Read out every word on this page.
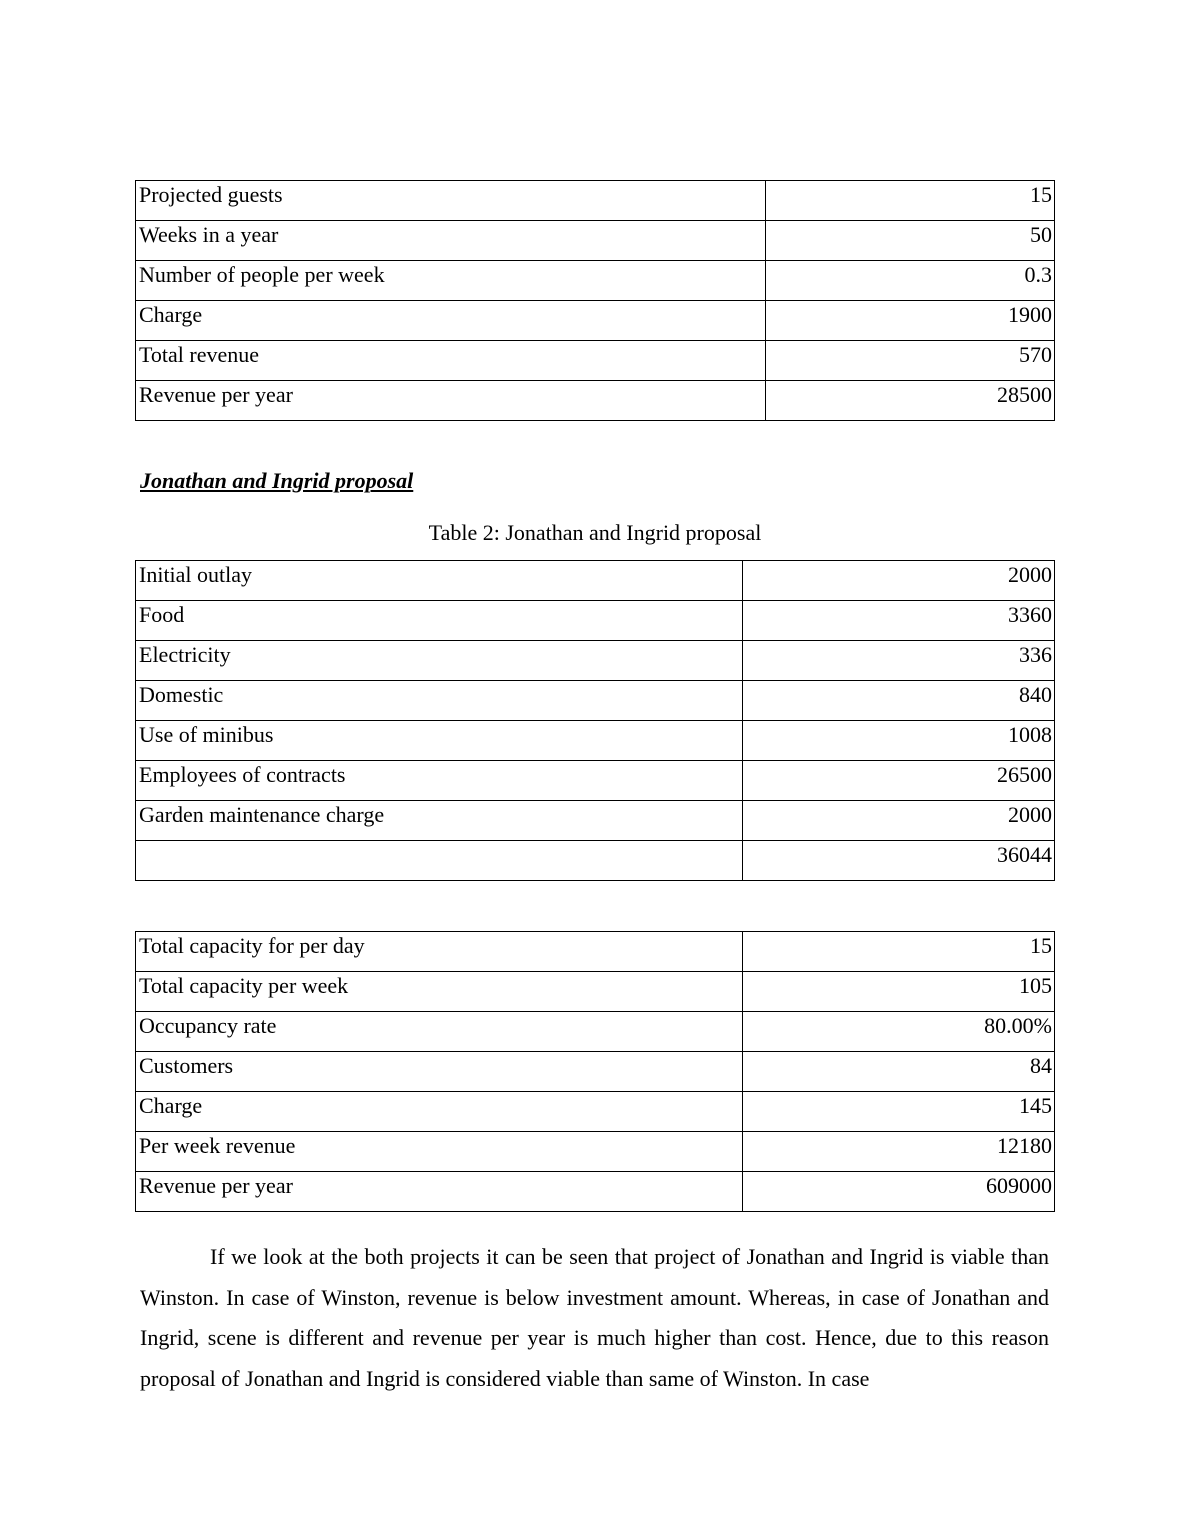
Projected guests	15
Weeks in a year	50
Number of people per week	0.3
Charge	1900
Total revenue	570
Revenue per year	28500
Jonathan and Ingrid proposal
Table 2: Jonathan and Ingrid proposal
Initial outlay	2000
Food	3360
Electricity	336
Domestic	840
Use of minibus	1008
Employees of contracts	26500
Garden maintenance charge	2000
	36044
Total capacity for per day	15
Total capacity per week	105
Occupancy rate	80.00%
Customers	84
Charge	145
Per week revenue	12180
Revenue per year	609000

If we look at the both projects it can be seen that project of Jonathan and Ingrid is viable than Winston. In case of Winston, revenue is below investment amount. Whereas, in case of Jonathan and Ingrid, scene is different and revenue per year is much higher than cost. Hence, due to this reason proposal of Jonathan and Ingrid is considered viable than same of Winston. In case
